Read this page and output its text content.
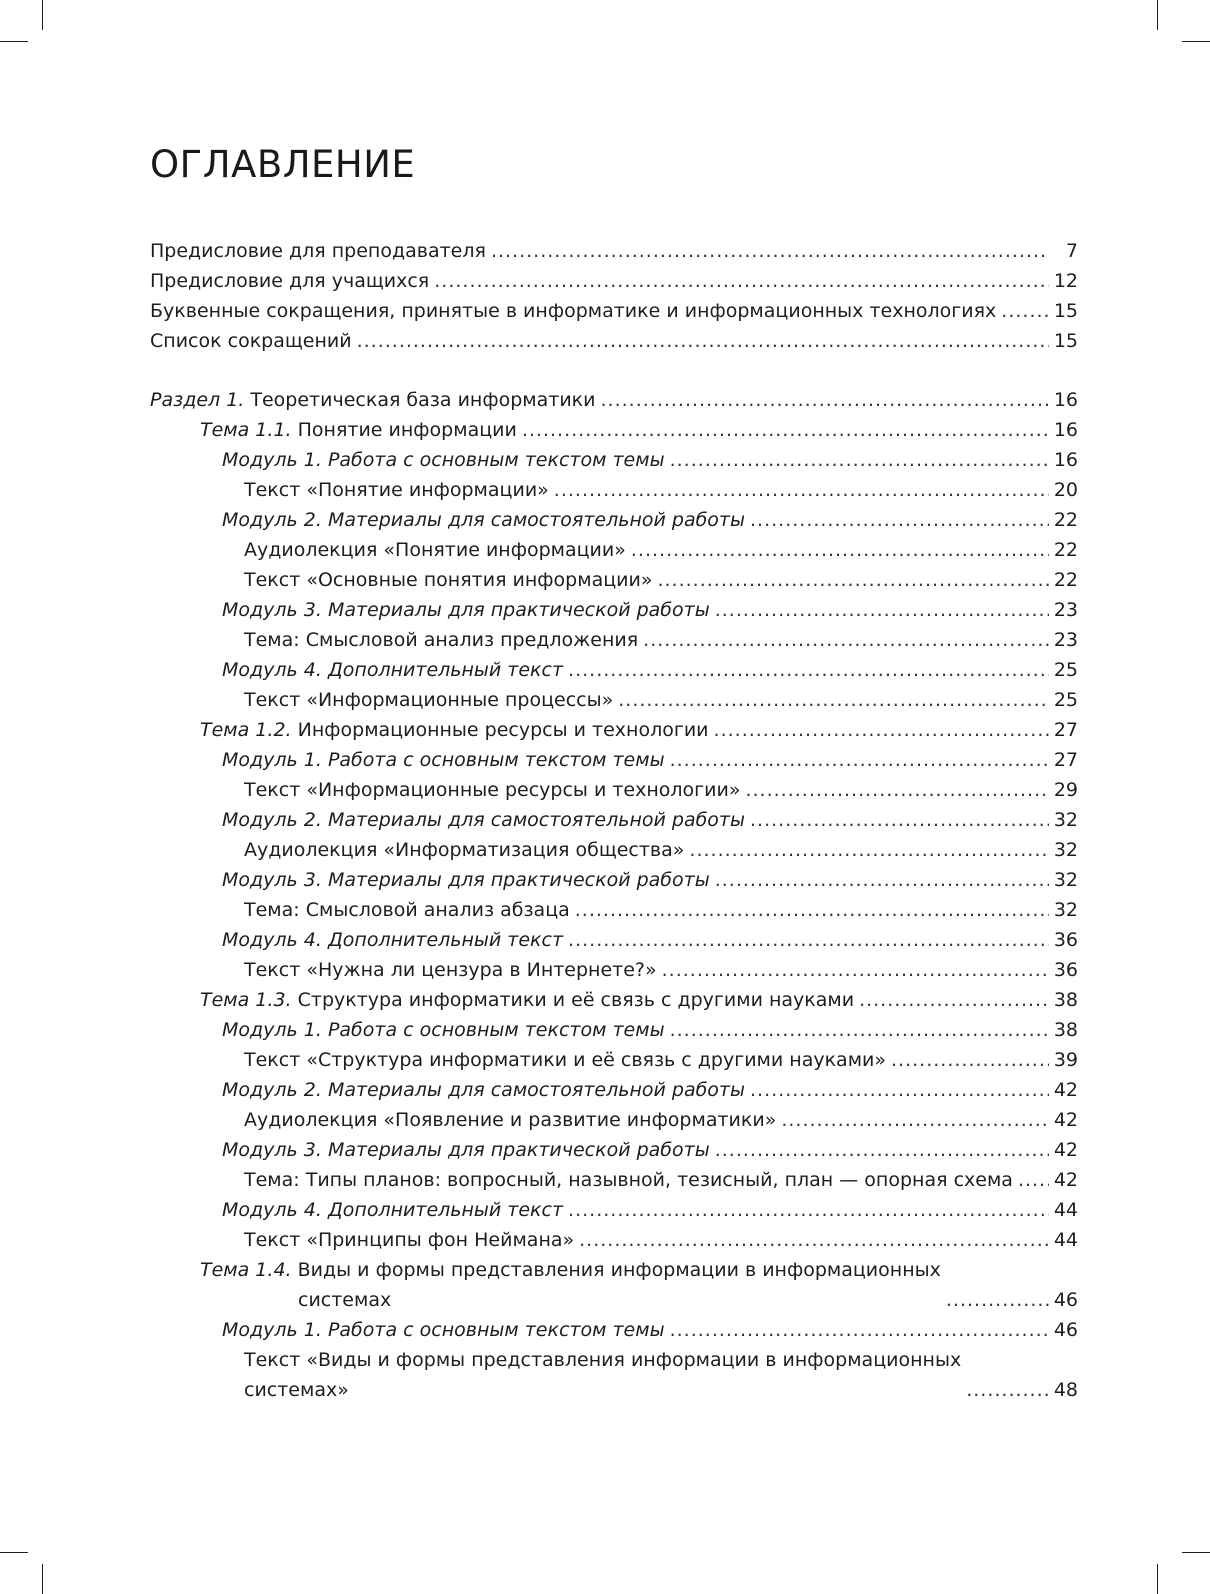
ОГЛАВЛЕНИЕ
Предисловие для преподавателя .....	7
Предисловие для учащихся .....	12
Буквенные сокращения, принятые в информатике и информационных технологиях .....	15
Список сокращений .....	15
Раздел 1. Теоретическая база информатики .....	16
Тема 1.1. Понятие информации .....	16
Модуль 1. Работа с основным текстом темы .....	16
Текст «Понятие информации» .....	20
Модуль 2. Материалы для самостоятельной работы .....	22
Аудиолекция «Понятие информации» .....	22
Текст «Основные понятия информации» .....	22
Модуль 3. Материалы для практической работы .....	23
Тема: Смысловой анализ предложения .....	23
Модуль 4. Дополнительный текст .....	25
Текст «Информационные процессы» .....	25
Тема 1.2. Информационные ресурсы и технологии .....	27
Модуль 1. Работа с основным текстом темы .....	27
Текст «Информационные ресурсы и технологии» .....	29
Модуль 2. Материалы для самостоятельной работы .....	32
Аудиолекция «Информатизация общества» .....	32
Модуль 3. Материалы для практической работы .....	32
Тема: Смысловой анализ абзаца .....	32
Модуль 4. Дополнительный текст .....	36
Текст «Нужна ли цензура в Интернете?» .....	36
Тема 1.3. Структура информатики и её связь с другими науками .....	38
Модуль 1. Работа с основным текстом темы .....	38
Текст «Структура информатики и её связь с другими науками» .....	39
Модуль 2. Материалы для самостоятельной работы .....	42
Аудиолекция «Появление и развитие информатики» .....	42
Модуль 3. Материалы для практической работы .....	42
Тема: Типы планов: вопросный, назывной, тезисный, план — опорная схема ..... 42
Модуль 4. Дополнительный текст .....	44
Текст «Принципы фон Неймана» .....	44
Тема 1.4. Виды и формы представления информации в информационных
системах .....	46
Модуль 1. Работа с основным текстом темы .....	46
Текст «Виды и формы представления информации в информационных
системах» .....	48
